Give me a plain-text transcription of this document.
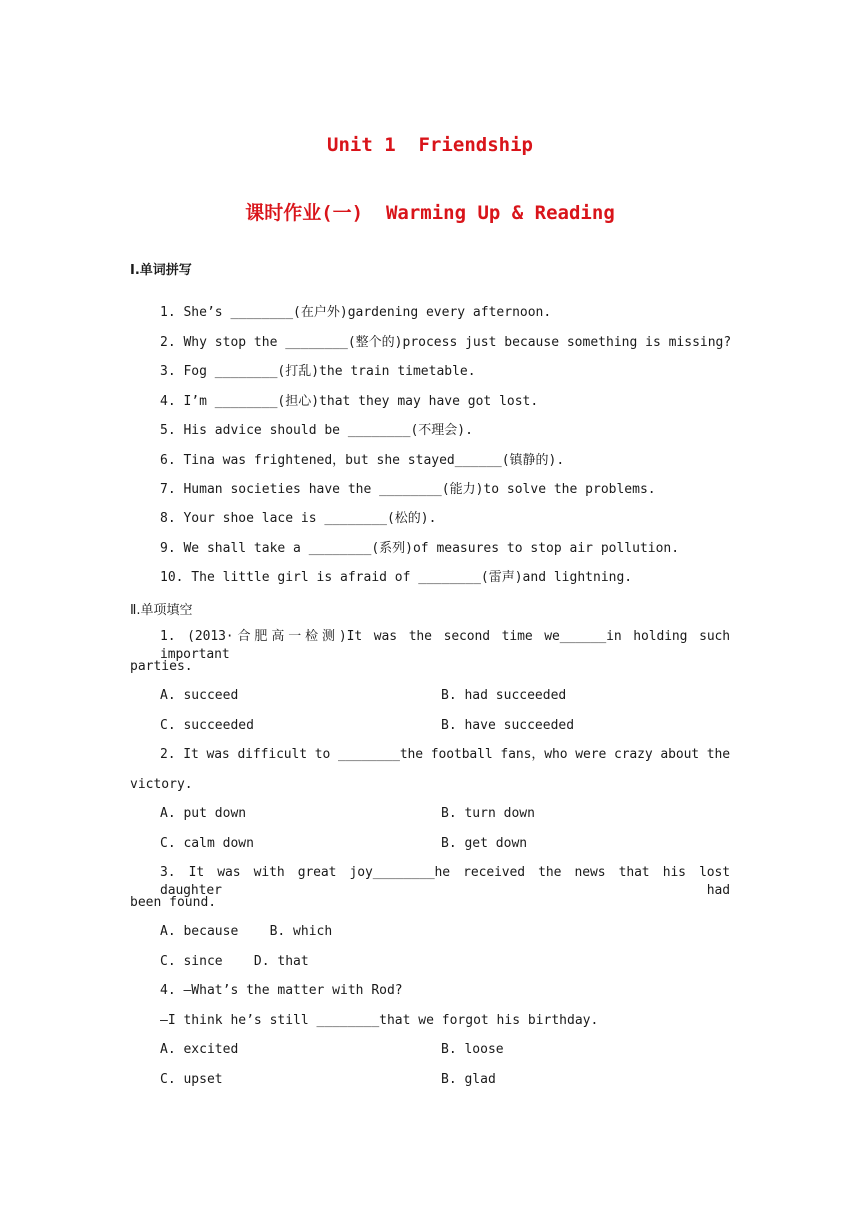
Unit 1  Friendship
课时作业(一)  Warming Up & Reading
Ⅰ.单词拼写
1. She’s ________(在户外)gardening every afternoon.
2. Why stop the ________(整个的)process just because something is missing?
3. Fog ________(打乱)the train timetable.
4. I’m ________(担心)that they may have got lost.
5. His advice should be ________(不理会).
6. Tina was frightened，but she stayed______(镇静的).
7. Human societies have the ________(能力)to solve the problems.
8. Your shoe lace is ________(松的).
9. We shall take a ________(系列)of measures to stop air pollution.
10. The little girl is afraid of ________(雷声)and lightning.
Ⅱ.单项填空
1. (2013·合肥高一检测)It was the second time we______in holding such important
parties.
A. succeed	B. had succeeded
C. succeeded	B. have succeeded
2. It was difficult to ________the football fans，who were crazy about the
victory.
A. put down	B. turn down
C. calm down	B. get down
3. It was with great joy________he received the news that his lost daughter had
been found.
A. because    B. which
C. since    D. that
4. —What’s the matter with Rod?
—I think he’s still ________that we forgot his birthday.
A. excited	B. loose
C. upset	B. glad
